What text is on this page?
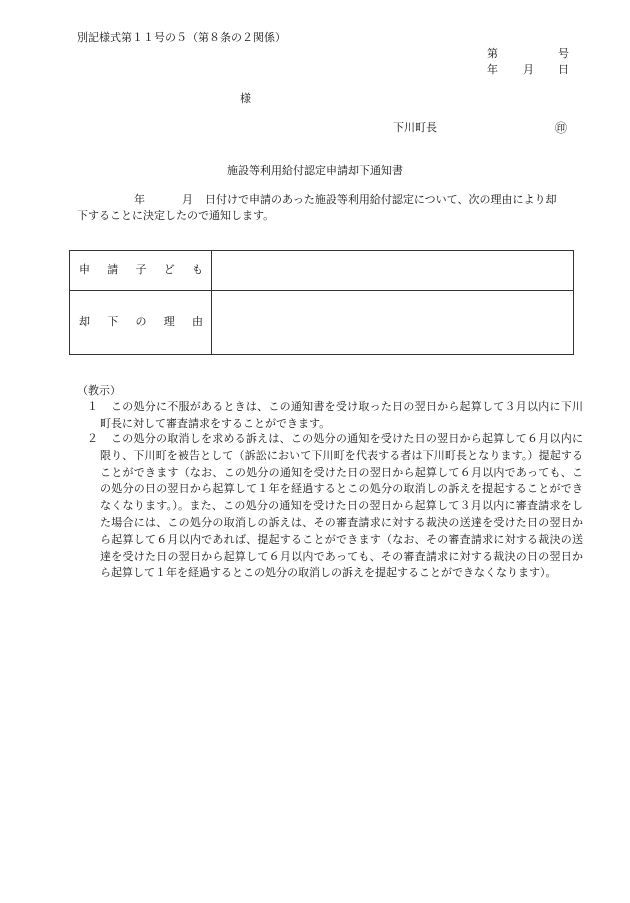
別記様式第１１号の５（第８条の２関係）
第	号
年 月 日
様
下川町長	㊞
施設等利用給付認定申請却下通知書
年	月 日付けで申請のあった施設等利用給付認定について、次の理由により却
下することに決定したので通知します。
申 請 子 ど も	

却 下 の 理 由	

（教示）
１	この処分に不服があるときは、この通知書を受け取った日の翌日から起算して３月以内に下川町長に対して審査請求をすることができます。
２	この処分の取消しを求める訴えは、この処分の通知を受けた日の翌日から起算して６月以内に限り、下川町を被告として（訴訟において下川町を代表する者は下川町長となります。）提起することができます（なお、この処分の通知を受けた日の翌日から起算して６月以内であっても、この処分の日の翌日から起算して１年を経過するとこの処分の取消しの訴えを提起することができなくなります。）。また、この処分の通知を受けた日の翌日から起算して３月以内に審査請求をした場合には、この処分の取消しの訴えは、その審査請求に対する裁決の送達を受けた日の翌日から起算して６月以内であれば、提起することができます（なお、その審査請求に対する裁決の送達を受けた日の翌日から起算して６月以内であっても、その審査請求に対する裁決の日の翌日から起算して１年を経過するとこの処分の取消しの訴えを提起することができなくなります）。
